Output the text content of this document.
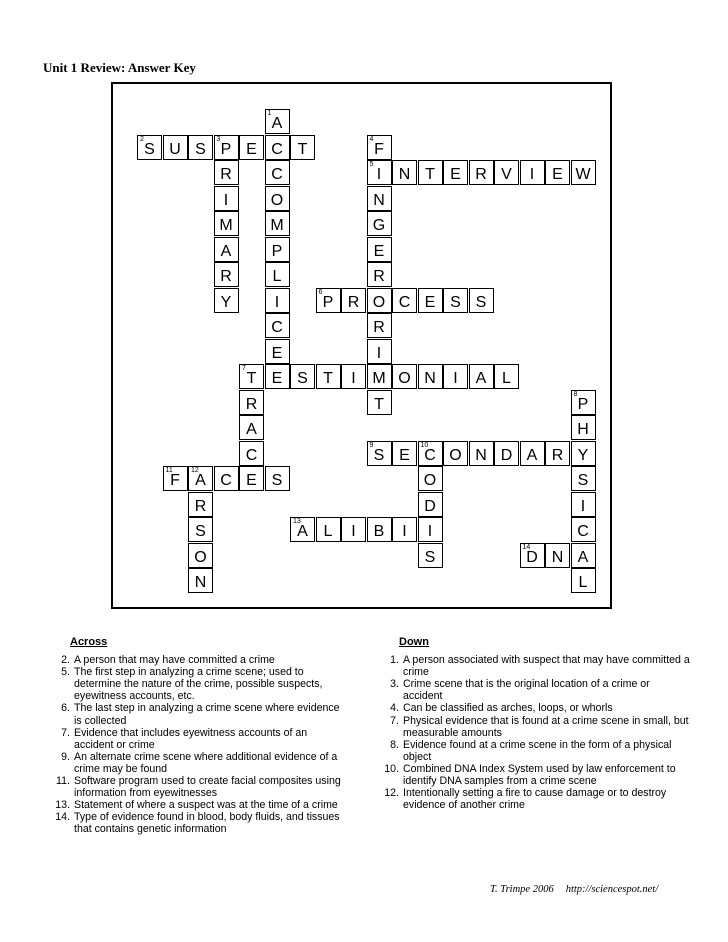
Unit 1 Review: Answer Key
2
S U S
3
P E C T
5
I	N T E R V	I	E W
6
P R O C E S S
7
T E S T	I	M O N	I	A L
9
S E
10
C O N D A R Y
11
F
12
A C E S
13
A L	I	B	I
14
D N A
1
A
C
O
M
P
L
I
C
E
R
I
M
A
R
Y
4
F
N
G
E
R
R
I
T
R
A
C
8
P
H
S
I
C
L
O
D
I
S
R
S
O
N
Across
2. A person that may have committed a crime
5. The first step in analyzing a crime scene; used to determine the nature of the crime, possible suspects, eyewitness accounts, etc.
6. The last step in analyzing a crime scene where evidence is collected
7. Evidence that includes eyewitness accounts of an accident or crime
9. An alternate crime scene where additional evidence of a crime may be found
11. Software program used to create facial composites using information from eyewitnesses
13. Statement of where a suspect was at the time of a crime
14. Type of evidence found in blood, body fluids, and tissues that contains genetic information
Down
1. A person associated with suspect that may have committed a crime
3. Crime scene that is the original location of a crime or accident
4. Can be classified as arches, loops, or whorls
7. Physical evidence that is found at a crime scene in small, but measurable amounts
8. Evidence found at a crime scene in the form of a physical object
10. Combined DNA Index System used by law enforcement to identify DNA samples from a crime scene
12. Intentionally setting a fire to cause damage or to destroy evidence of another crime
T. Trimpe 2006 http://sciencespot.net/
